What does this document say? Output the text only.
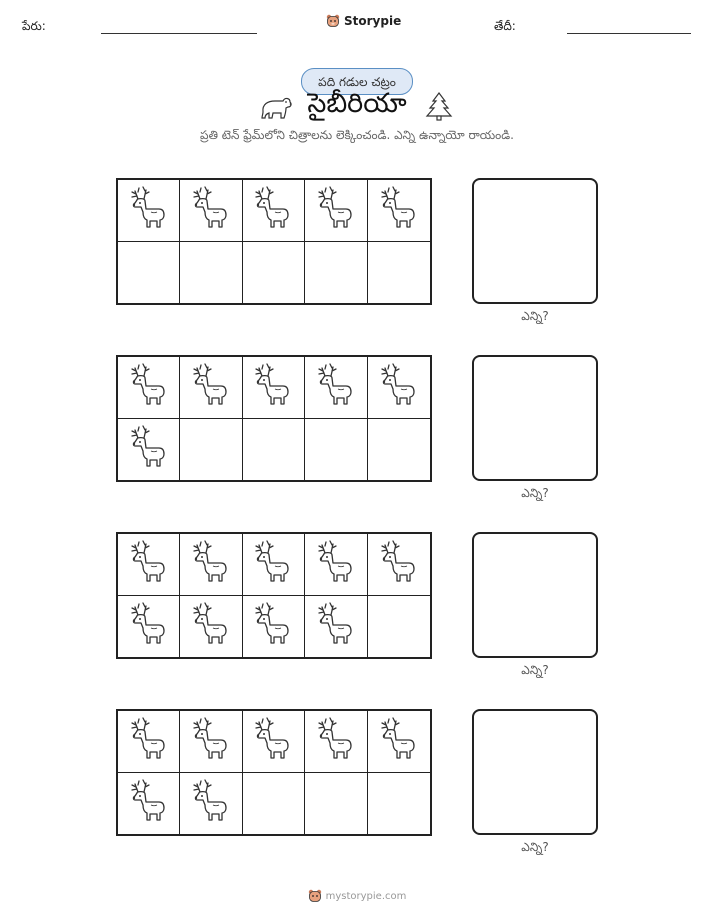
పేరు:	Storypie	తేదీ:
పది గడుల చట్రం
సైబీరియా
ప్రతి టెన్ ఫ్రేమ్‌లోని చిత్రాలను లెక్కించండి. ఎన్ని ఉన్నాయో రాయండి.
ఎన్ని?
ఎన్ని?
ఎన్ని?
ఎన్ని?
mystorypie.com
